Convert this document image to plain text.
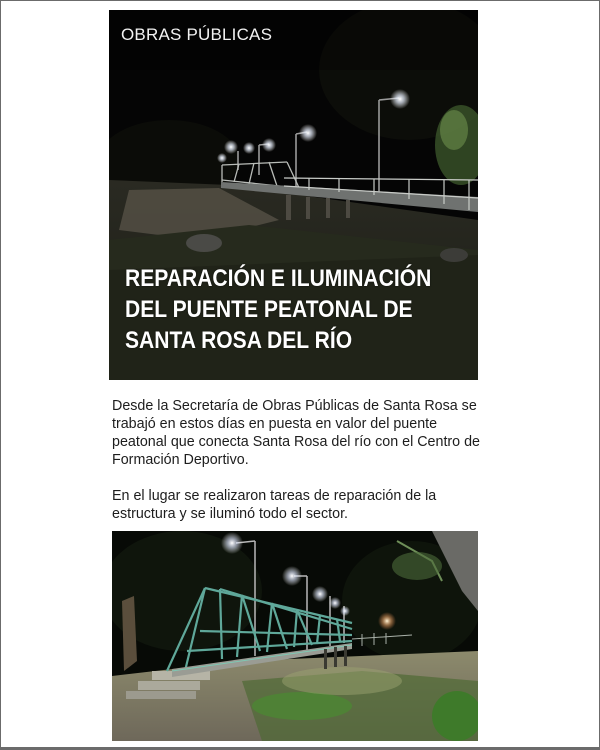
OBRAS PÚBLICAS
REPARACIÓN E ILUMINACIÓN
DEL PUENTE PEATONAL DE
SANTA ROSA DEL RÍO

Desde la Secretaría de Obras Públicas de Santa Rosa se trabajó en estos días en puesta en valor del puente peatonal que conecta Santa Rosa del río con el Centro de Formación Deportivo.

En el lugar se realizaron tareas de reparación de la estructura y se iluminó todo el sector.
